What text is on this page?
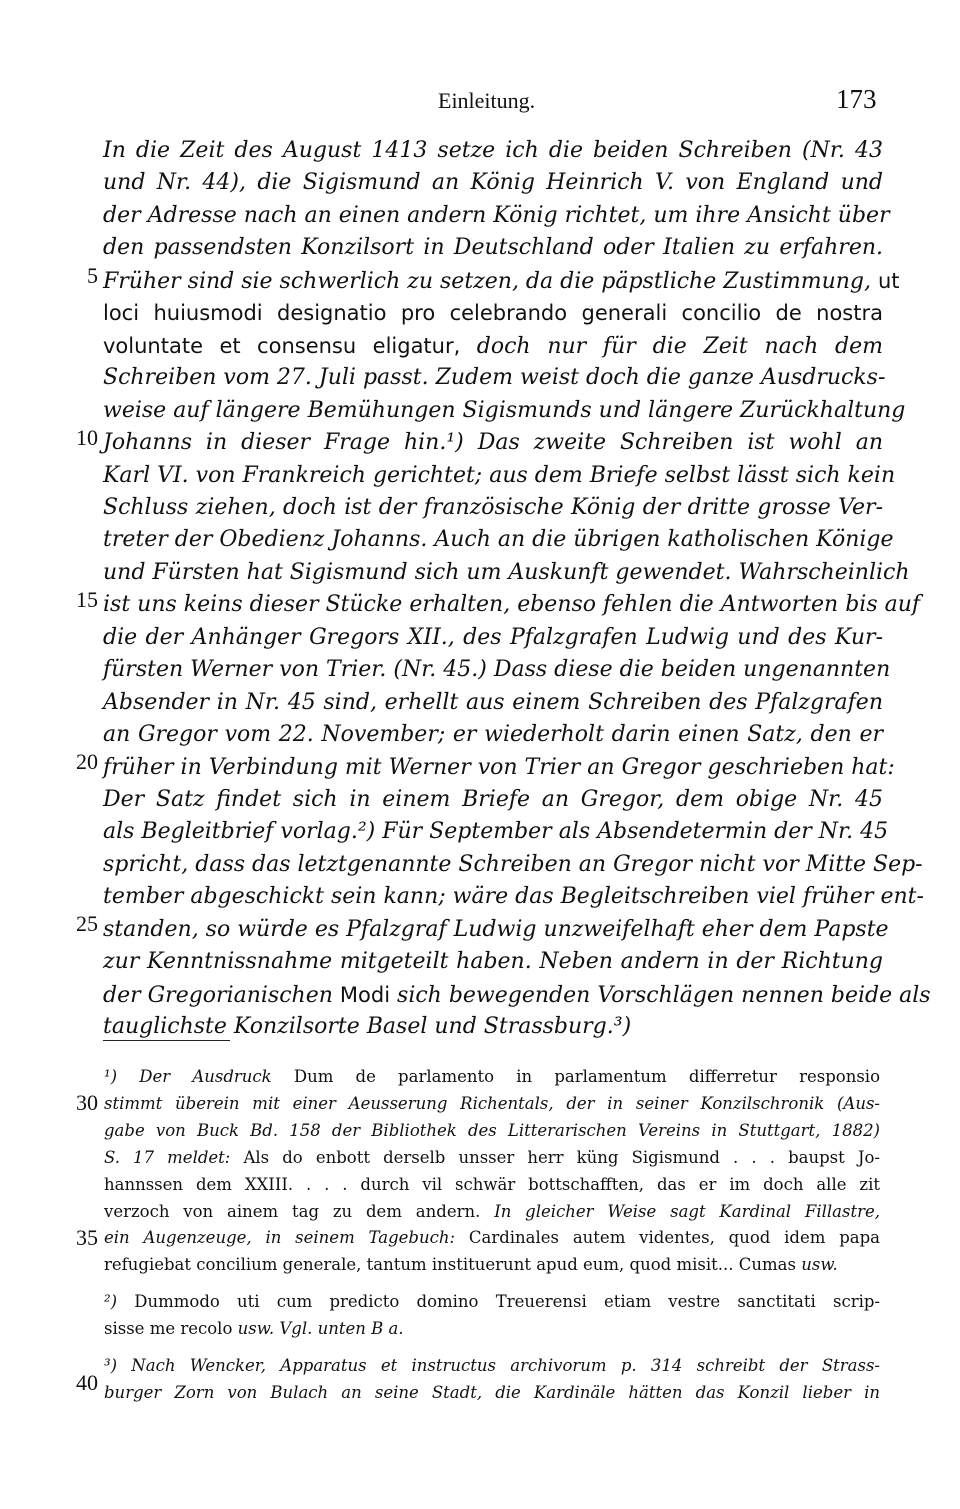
Einleitung.	173
In die Zeit des August 1413 setze ich die beiden Schreiben (Nr. 43
und Nr. 44), die Sigismund an König Heinrich V. von England und
der Adresse nach an einen andern König richtet, um ihre Ansicht über
den passendsten Konzilsort in Deutschland oder Italien zu erfahren.
Früher sind sie schwerlich zu setzen, da die päpstliche Zustimmung, ut
loci huiusmodi designatio pro celebrando generali concilio de nostra
voluntate et consensu eligatur, doch nur für die Zeit nach dem
Schreiben vom 27. Juli passt. Zudem weist doch die ganze Ausdrucks-
weise auf längere Bemühungen Sigismunds und längere Zurückhaltung
Johanns in dieser Frage hin.¹) Das zweite Schreiben ist wohl an
Karl VI. von Frankreich gerichtet; aus dem Briefe selbst lässt sich kein
Schluss ziehen, doch ist der französische König der dritte grosse Ver-
treter der Obedienz Johanns. Auch an die übrigen katholischen Könige
und Fürsten hat Sigismund sich um Auskunft gewendet. Wahrscheinlich
ist uns keins dieser Stücke erhalten, ebenso fehlen die Antworten bis auf
die der Anhänger Gregors XII., des Pfalzgrafen Ludwig und des Kur-
fürsten Werner von Trier. (Nr. 45.) Dass diese die beiden ungenannten
Absender in Nr. 45 sind, erhellt aus einem Schreiben des Pfalzgrafen
an Gregor vom 22. November; er wiederholt darin einen Satz, den er
früher in Verbindung mit Werner von Trier an Gregor geschrieben hat:
Der Satz findet sich in einem Briefe an Gregor, dem obige Nr. 45
als Begleitbrief vorlag.²) Für September als Absendetermin der Nr. 45
spricht, dass das letztgenannte Schreiben an Gregor nicht vor Mitte Sep-
tember abgeschickt sein kann; wäre das Begleitschreiben viel früher ent-
standen, so würde es Pfalzgraf Ludwig unzweifelhaft eher dem Papste
zur Kenntnissnahme mitgeteilt haben. Neben andern in der Richtung
der Gregorianischen Modi sich bewegenden Vorschlägen nennen beide als
tauglichste Konzilsorte Basel und Strassburg.³)
¹) Der Ausdruck Dum de parlamento in parlamentum differretur responsio
stimmt überein mit einer Aeusserung Richentals, der in seiner Konzilschronik (Aus-
gabe von Buck Bd. 158 der Bibliothek des Litterarischen Vereins in Stuttgart, 1882)
S. 17 meldet: Als do enbott derselb unsser herr küng Sigismund . . . baupst Jo-
hannssen dem XXIII. . . . durch vil schwär bottschafften, das er im doch alle zit
verzoch von ainem tag zu dem andern. In gleicher Weise sagt Kardinal Fillastre,
ein Augenzeuge, in seinem Tagebuch: Cardinales autem videntes, quod idem papa
refugiebat concilium generale, tantum instituerunt apud eum, quod misit... Cumas usw.
²) Dummodo uti cum predicto domino Treuerensi etiam vestre sanctitati scrip-
sisse me recolo usw. Vgl. unten B a.
³) Nach Wencker, Apparatus et instructus archivorum p. 314 schreibt der Strass-
burger Zorn von Bulach an seine Stadt, die Kardinäle hätten das Konzil lieber in
5
10
15
20
25
30
35
40
